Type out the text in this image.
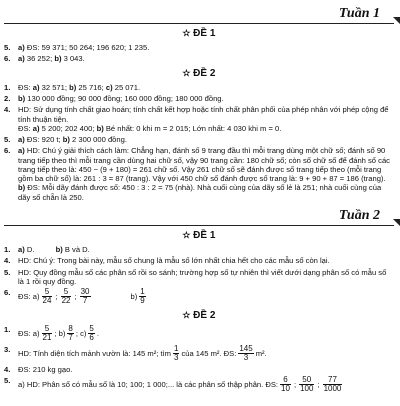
Tuần 1
✫ ĐỀ 1
5.	a) ĐS: 59 371; 50 264; 196 620; 1 235.
6.	a) 36 252; b) 3 043.
✫ ĐỀ 2
1.	ĐS: a) 32 571; b) 25 716; c) 25 071.
2.	b) 130 000 đồng; 90 000 đồng; 160 000 đồng; 180 000 đồng.
4.	HD: Sử dụng tính chất giao hoán; tính chất kết hợp hoặc tính chất phân phối của phép nhân với phép cộng để tính thuận tiện.
ĐS: a) 5 200; 202 400; b) Bé nhất: 0 khi m = 2 015; Lớn nhất: 4 030 khi m = 0.
5.	a) ĐS: 920 t; b) 2 300 000 đồng.
6.	a) HD: Chú ý giải thích cách làm: Chẳng hạn, đánh số 9 trang đầu thì mỗi trang dùng một chữ số; đánh số 90 trang tiếp theo thì mỗi trang cần dùng hai chữ số, vậy 90 trang cần: 180 chữ số; còn số chữ số để đánh số các trang tiếp theo là: 450 − (9 + 180) = 261 chữ số. Vậy 261 chữ số sẽ đánh được số trang tiếp theo (mỗi trang gồm ba chữ số) là: 261 : 3 = 87 (trang). Vậy với 450 chữ số đánh được số trang là: 9 + 90 + 87 = 186 (trang).
b) ĐS: Mỗi dãy đánh được số: 450 : 3 : 2 = 75 (nhà). Nhà cuối cùng của dãy số lẻ là 251; nhà cuối cùng của dãy số chẵn là 250.
Tuần 2
✫ ĐỀ 1
1.	a) D.          b) B và D.
4.	HD: Chú ý: Trong bài này, mẫu số chung là mẫu số lớn nhất chia hết cho các mẫu số còn lại.
5.	HD: Quy đồng mẫu số các phân số rồi so sánh; trường hợp số tự nhiên thì viết dưới dạng phân số có mẫu số là 1 rồi quy đồng.
6.	ĐS: $a) \frac{5}{24}$ ; $\frac{5}{22}$ ; $\frac{30}{7}$	$b) \frac{1}{9}$
✫ ĐỀ 2
1.	ĐS: $a) \frac{5}{21}$ ; $b) \frac{8}{7}$ ; $c) \frac{5}{6}$ .
3.	HD: Tính diện tích mảnh vườn là: 145 m²; tìm $\frac{1}{3}$ của 145 m². ĐS: $\frac{145}{3} m^2$.
4.	ĐS: 210 kg gạo.
5.	a) HD: Phân số có mẫu số là 10; 100; 1 000;... là các phân số thập phân. ĐS: $\frac{6}{10}$ ; $\frac{50}{100}$ ; $\frac{77}{1000}$
